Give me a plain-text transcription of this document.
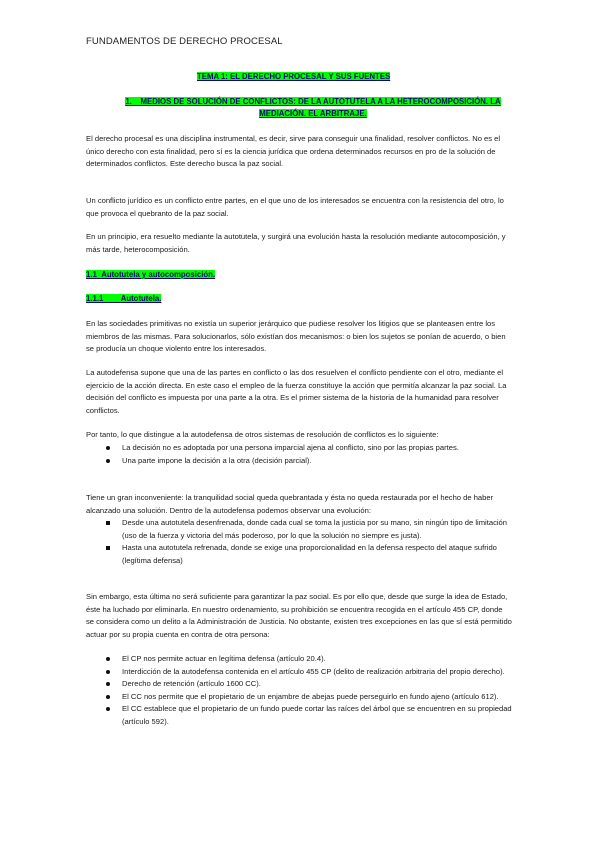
FUNDAMENTOS DE DERECHO PROCESAL
TEMA 1: EL DERECHO PROCESAL Y SUS FUENTES
1. MEDIOS DE SOLUCIÓN DE CONFLICTOS: DE LA AUTOTUTELA A LA HETEROCOMPOSICIÓN. LA MEDIACIÓN. EL ARBITRAJE.
El derecho procesal es una disciplina instrumental, es decir, sirve para conseguir una finalidad, resolver conflictos. No es el único derecho con esta finalidad, pero sí es la ciencia jurídica que ordena determinados recursos en pro de la solución de determinados conflictos. Este derecho busca la paz social.
Un conflicto jurídico es un conflicto entre partes, en el que uno de los interesados se encuentra con la resistencia del otro, lo que provoca el quebranto de la paz social.
En un principio, era resuelto mediante la autotutela, y surgirá una evolución hasta la resolución mediante autocomposición, y más tarde, heterocomposición.
1.1 Autotutela y autocomposición.
1.1.1 Autotutela.
En las sociedades primitivas no existía un superior jerárquico que pudiese resolver los litigios que se planteasen entre los miembros de las mismas. Para solucionarlos, sólo existían dos mecanismos: o bien los sujetos se ponían de acuerdo, o bien se producía un choque violento entre los interesados.
La autodefensa supone que una de las partes en conflicto o las dos resuelven el conflicto pendiente con el otro, mediante el ejercicio de la acción directa. En este caso el empleo de la fuerza constituye la acción que permitía alcanzar la paz social. La decisión del conflicto es impuesta por una parte a la otra. Es el primer sistema de la historia de la humanidad para resolver conflictos.
Por tanto, lo que distingue a la autodefensa de otros sistemas de resolución de conflictos es lo siguiente:
La decisión no es adoptada por una persona imparcial ajena al conflicto, sino por las propias partes.
Una parte impone la decisión a la otra (decisión parcial).
Tiene un gran inconveniente: la tranquilidad social queda quebrantada y ésta no queda restaurada por el hecho de haber alcanzado una solución. Dentro de la autodefensa podemos observar una evolución:
Desde una autotutela desenfrenada, donde cada cual se toma la justicia por su mano, sin ningún tipo de limitación (uso de la fuerza y victoria del más poderoso, por lo que la solución no siempre es justa).
Hasta una autotutela refrenada, donde se exige una proporcionalidad en la defensa respecto del ataque sufrido (legítima defensa)
Sin embargo, esta última no será suficiente para garantizar la paz social. Es por ello que, desde que surge la idea de Estado, éste ha luchado por eliminarla. En nuestro ordenamiento, su prohibición se encuentra recogida en el artículo 455 CP, donde se considera como un delito a la Administración de Justicia. No obstante, existen tres excepciones en las que sí está permitido actuar por su propia cuenta en contra de otra persona:
El CP nos permite actuar en legítima defensa (artículo 20.4).
Interdicción de la autodefensa contenida en el artículo 455 CP (delito de realización arbitraria del propio derecho).
Derecho de retención (artículo 1600 CC).
El CC nos permite que el propietario de un enjambre de abejas puede perseguirlo en fundo ajeno (artículo 612).
El CC establece que el propietario de un fundo puede cortar las raíces del árbol que se encuentren en su propiedad (artículo 592).
